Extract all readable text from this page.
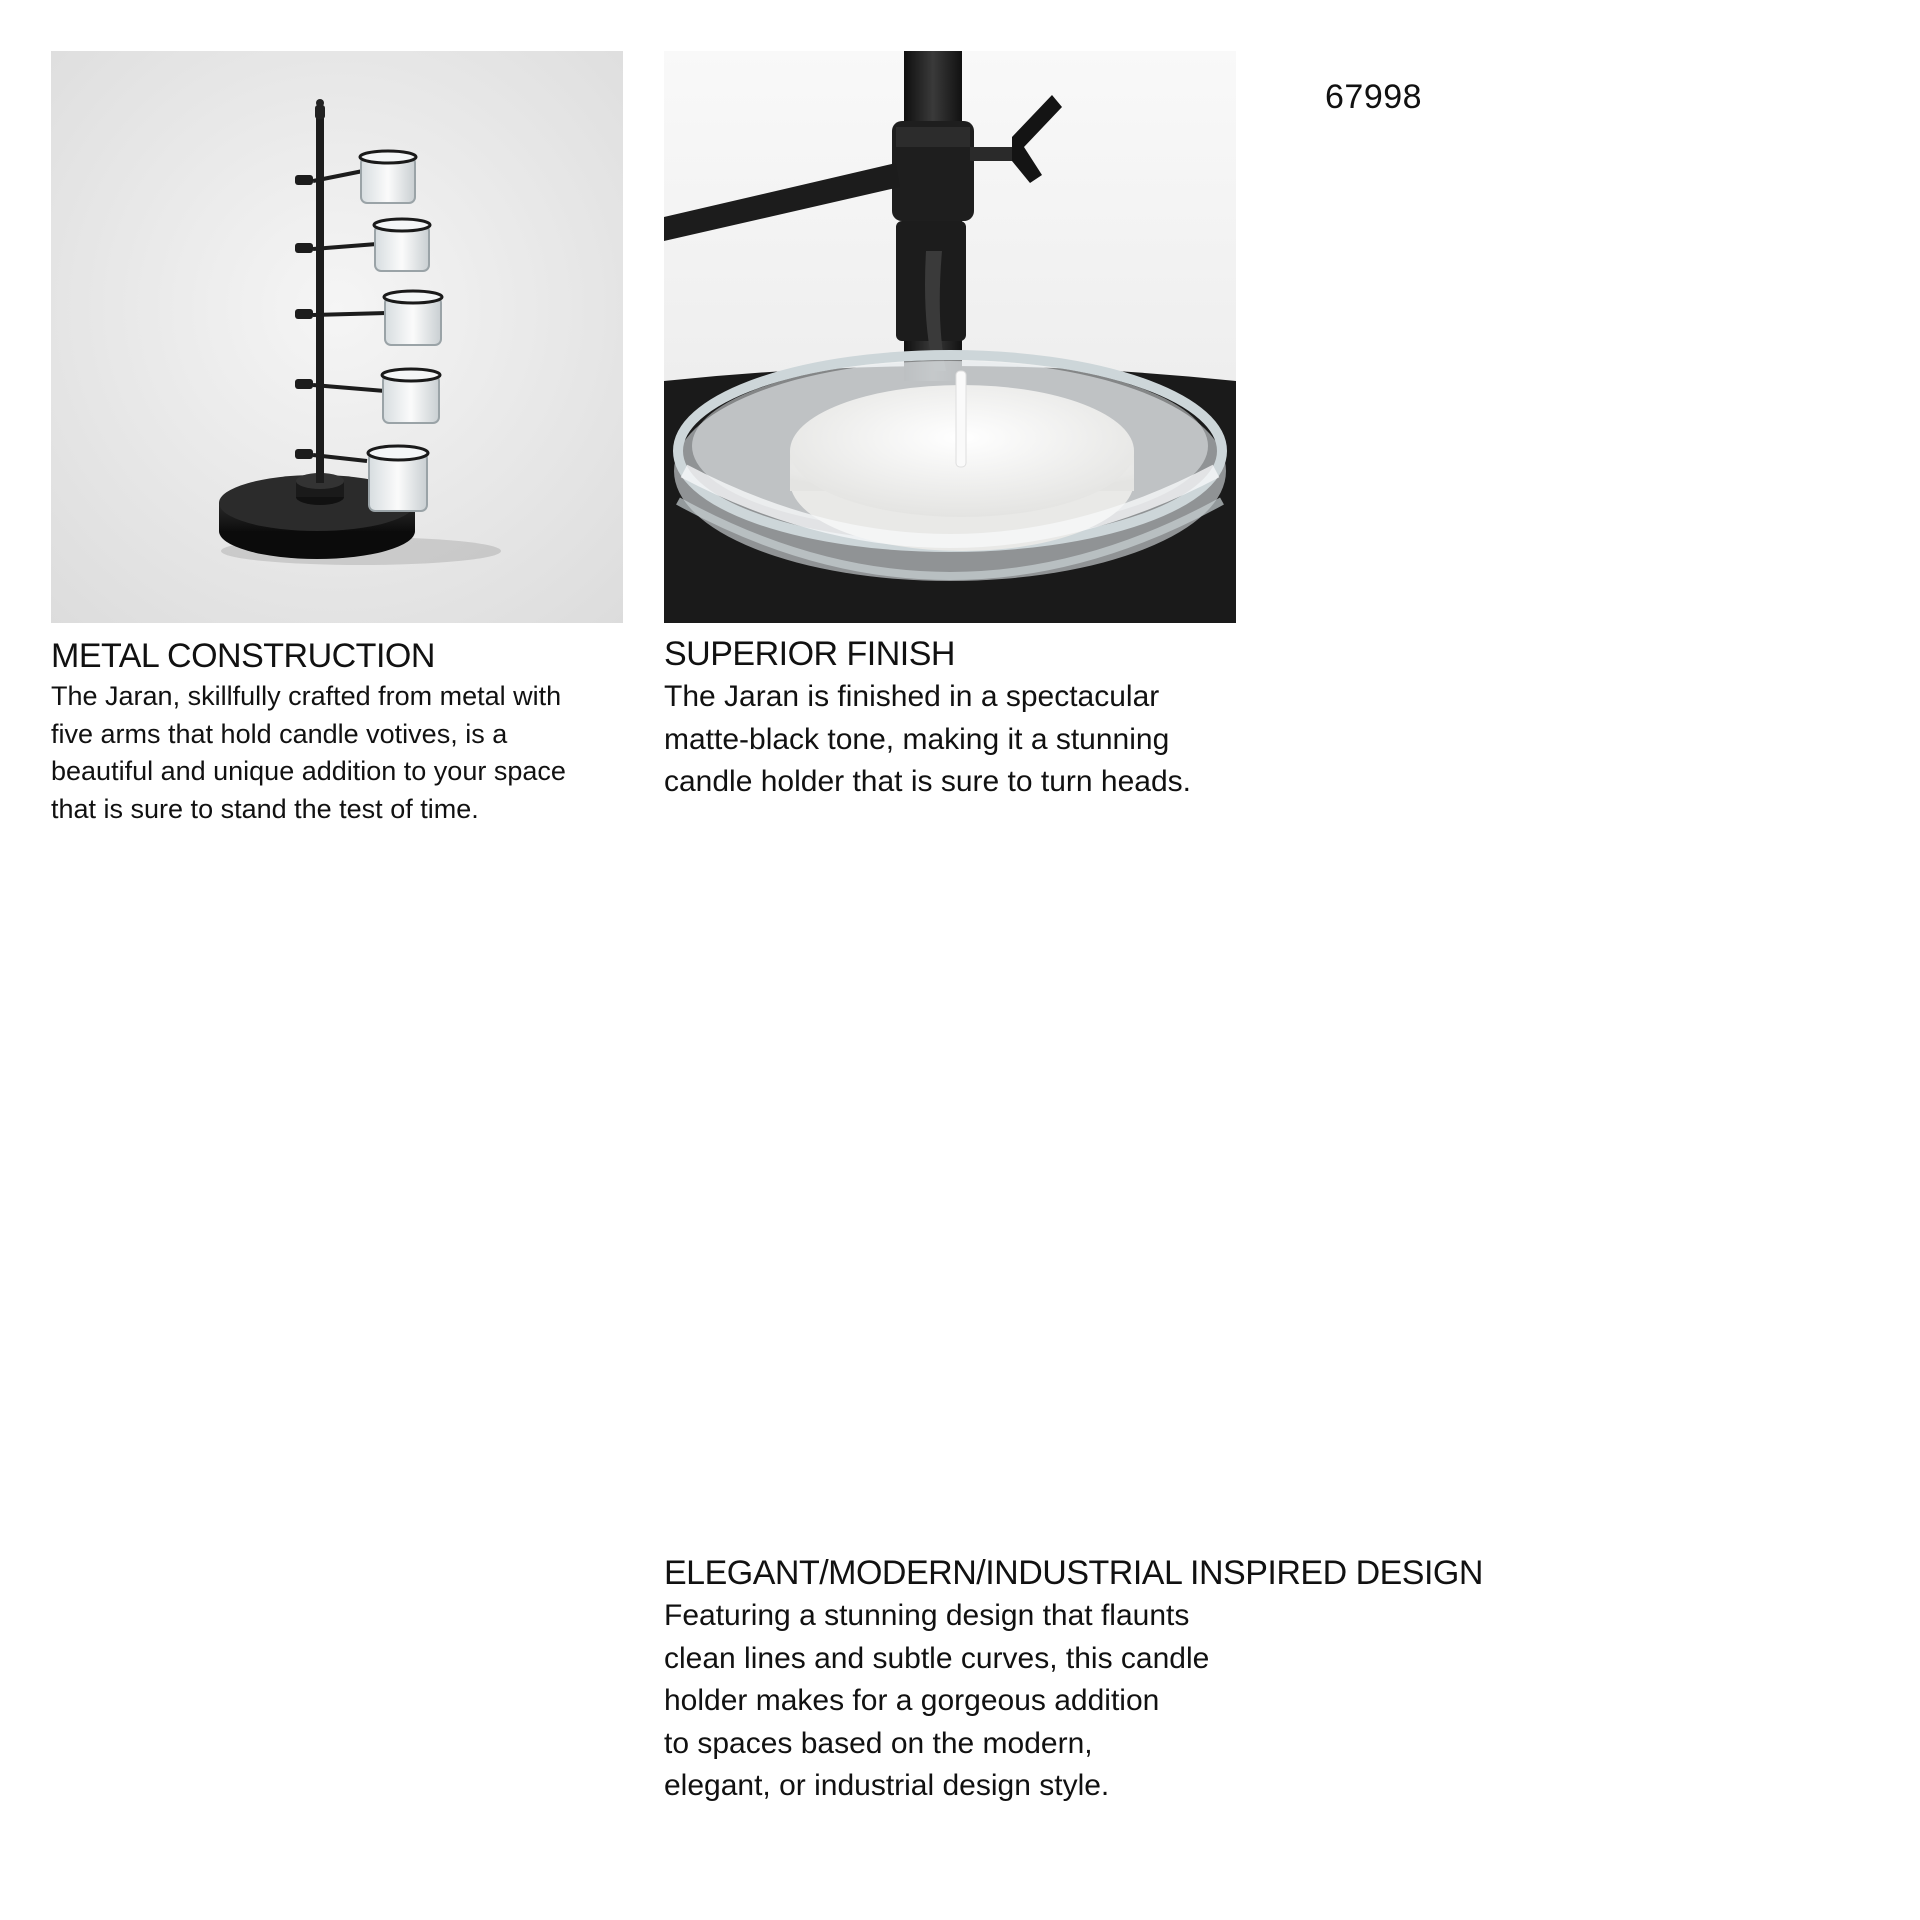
67998
METAL CONSTRUCTION

The Jaran, skillfully crafted from metal with
five arms that hold candle votives, is a
beautiful and unique addition to your space
that is sure to stand the test of time.

SUPERIOR FINISH

The Jaran is finished in a spectacular
matte-black tone, making it a stunning
candle holder that is sure to turn heads.

ELEGANT/MODERN/INDUSTRIAL INSPIRED DESIGN

Featuring a stunning design that flaunts
clean lines and subtle curves, this candle
holder makes for a gorgeous addition
to spaces based on the modern,
elegant, or industrial design style.
